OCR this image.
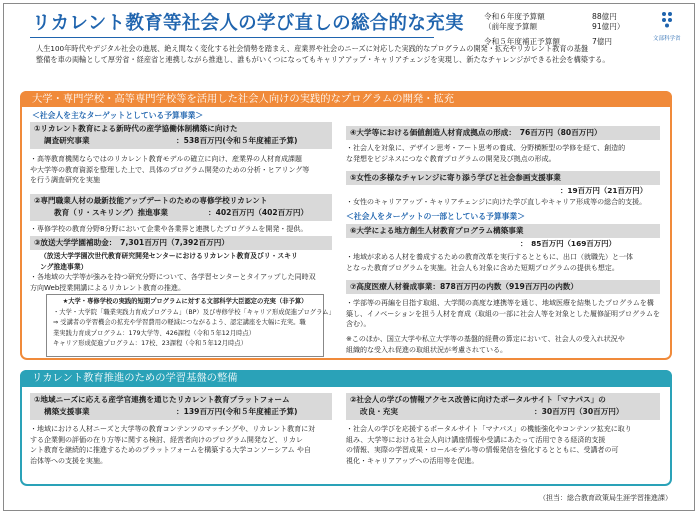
リカレント教育等社会人の学び直しの総合的な充実	令和６年度予算額	88億円
（前年度予算額	91億円）
令和５年度補正予算額	7億円	文部科学省

人生100年時代やデジタル社会の進展、絶え間なく変化する社会情勢を踏まえ、産業界や社会のニーズに対応した実践的なプログラムの開発・拡充やリカレント教育の基盤

整備を車の両輪として厚労省・経産省と連携しながら推進し、誰もがいくつになってもキャリアアップ・キャリアチェンジを実現し、新たなチャレンジができる社会を構築する。

大学・専門学校・高等専門学校等を活用した社会人向けの実践的なプログラムの開発・拡充
＜社会人を主なターゲットとしている予算事業＞
①リカレント教育による新時代の産学協働体制構築に向けた
調査研究事業	：538百万円(令和５年度補正予算)

・高等教育機関ならではのリカレント教育モデルの確立に向け、産業界の人材育成課題

や大学等の教育資源を整理した上で、具体のプログラム開発のための分析・ヒアリング等

を行う調査研究を実施

②専門職業人材の最新技能アップデートのための専修学校リカレント
教育（リ・スキリング）推進事業	：402百万円（402百万円）

・専修学校の教育分野8分野において企業や各業界と連携したプログラムを開発・提供。

③放送大学学園補助金：　7,301百万円（7,392百万円）

（放送大学学園次世代教育研究開発センターにおけるリカレント教育及びリ・スキリ

ング推進事業）

・各地域の大学等が強みを持つ研究分野について、各学習センターとタイアップした同時双

方向Web授業開講によるリカレント教育の推進。

★大学・専修学校の実践的短期プログラムに対する文部科学大臣認定の充実（非予算）

・大学・大学院「職業実践力育成プログラム」（BP）及び専修学校「キャリア形成促進プログラム」

⇒ 受講者の学習機会の拡充や学習費用の軽減につながるよう、認定講座を大幅に充実。職

業実践力育成プログラム：179大学等、426課程（令和５年12月時点）

キャリア形成促進プログラム：17校、23課程（令和５年12月時点）

④大学等における価値創造人材育成拠点の形成：　76百万円（80百万円）

・社会人を対象に、デザイン思考・アート思考の養成、分野横断型の学修を経て、創造的

な発想をビジネスにつなぐ教育プログラムの開発及び拠点の形成。

⑤女性の多様なチャレンジに寄り添う学びと社会参画支援事業

：19百万円（21百万円）

・女性のキャリアアップ・キャリアチェンジに向けた学び直しやキャリア形成等の総合的支援。

＜社会人をターゲットの一部としている予算事業＞
⑥大学による地方創生人材教育プログラム構築事業

：　85百万円（169百万円）

・地域が求める人材を養成するための教育改革を実行するとともに、出口（就職先）と一体

となった教育プログラムを実施。社会人も対象に含めた短期プログラムの提供も想定。

⑦高度医療人材養成事業：878百万円の内数（919百万円の内数）

・学部等の再編を目指す取組、大学間の高度な連携等を通じ、地域医療を結集したプログラムを構

築し、イノベーションを担う人材を育成（取組の一部に社会人等を対象とした履修証明プログラムを

含む）。

※このほか、国立大学や私立大学等の基盤的経費の算定において、社会人の受入れ状況や

組織的な受入れ促進の取組状況が考慮されている。

リカレント教育推進のための学習基盤の整備
①地域ニーズに応える産学官連携を通じたリカレント教育プラットフォーム
構築支援事業	：139百万円(令和５年度補正予算)

・地域における人材ニーズと大学等の教育コンテンツのマッチングや、リカレント教育に対

する企業側の評価の在り方等に関する検討、経営者向けのプログラム開発など、リカレ

ント教育を継続的に推進するためのプラットフォームを構築する大学コンソーシアム や自

治体等への支援を実施。

②社会人の学びの情報アクセス改善に向けたポータルサイト「マナパス」の
改良・充実	：30百万円（30百万円）

・社会人の学びを応援するポータルサイト「マナパス」の機能強化やコンテンツ拡充に取り

組み、大学等における社会人向け講座情報や受講にあたって活用できる経済的支援

の情報、実際の学習成果・ロールモデル等の情報発信を強化するとともに、受講者の可

視化・キャリアアップへの活用等を促進。

（担当：総合教育政策局生涯学習推進課）
